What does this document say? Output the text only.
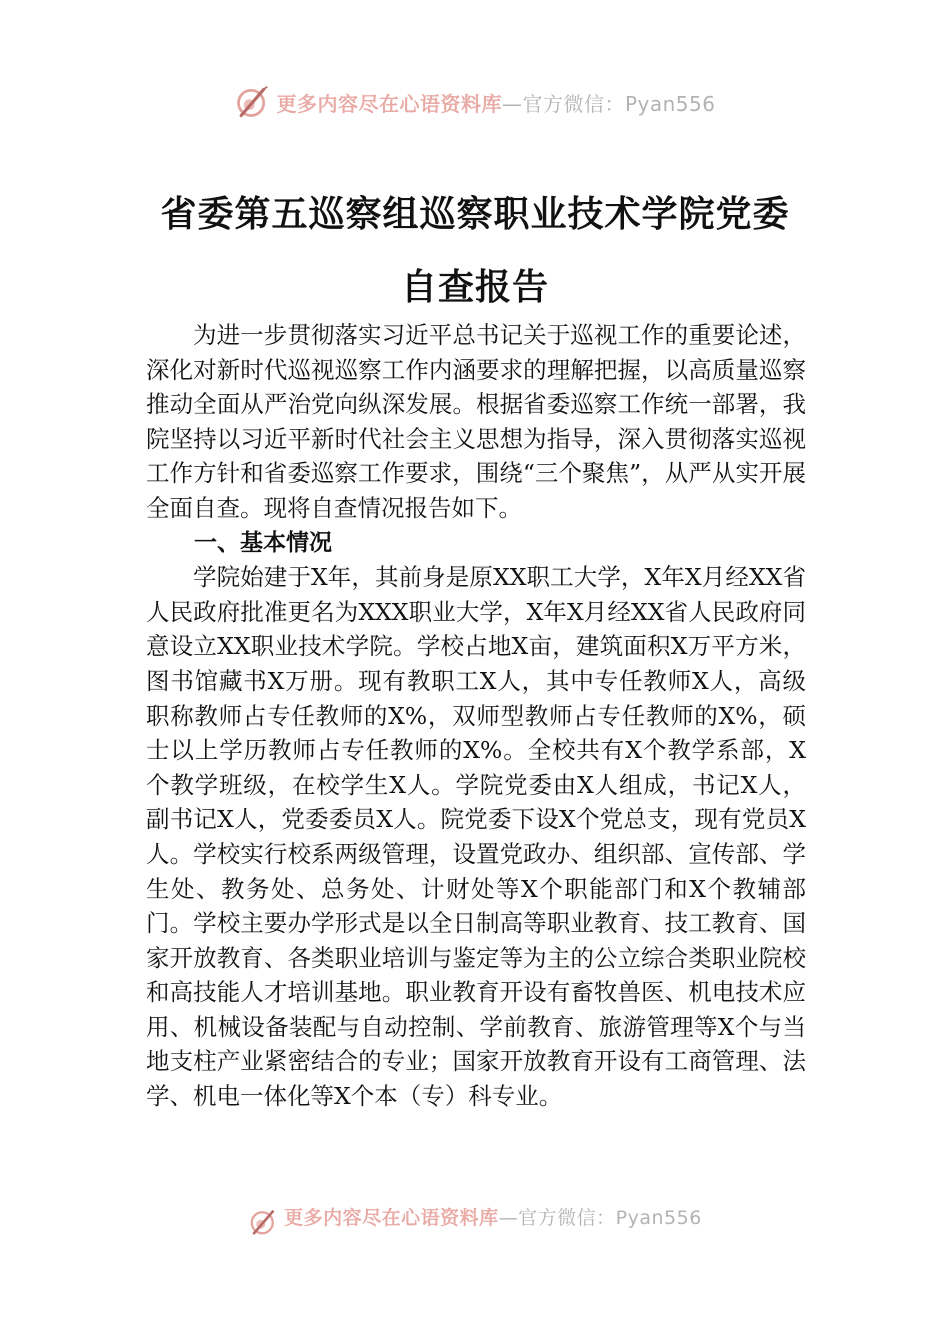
更多内容尽在心语资料库—官方微信：Pyan556
省委第五巡察组巡察职业技术学院党委自查报告

为进一步贯彻落实习近平总书记关于巡视工作的重要论述，深化对新时代巡视巡察工作内涵要求的理解把握，以高质量巡察推动全面从严治党向纵深发展。根据省委巡察工作统一部署，我院坚持以习近平新时代社会主义思想为指导，深入贯彻落实巡视工作方针和省委巡察工作要求，围绕“三个聚焦”，从严从实开展全面自查。现将自查情况报告如下。

一、基本情况

学院始建于X年，其前身是原XX职工大学，X年X月经XX省人民政府批准更名为XXX职业大学，X年X月经XX省人民政府同意设立XX职业技术学院。学校占地X亩，建筑面积X万平方米，图书馆藏书X万册。现有教职工X人，其中专任教师X人，高级职称教师占专任教师的X%，双师型教师占专任教师的X%，硕士以上学历教师占专任教师的X%。全校共有X个教学系部，X个教学班级，在校学生X人。学院党委由X人组成，书记X人，副书记X人，党委委员X人。院党委下设X个党总支，现有党员X人。学校实行校系两级管理，设置党政办、组织部、宣传部、学生处、教务处、总务处、计财处等X个职能部门和X个教辅部门。学校主要办学形式是以全日制高等职业教育、技工教育、国家开放教育、各类职业培训与鉴定等为主的公立综合类职业院校和高技能人才培训基地。职业教育开设有畜牧兽医、机电技术应用、机械设备装配与自动控制、学前教育、旅游管理等X个与当地支柱产业紧密结合的专业；国家开放教育开设有工商管理、法学、机电一体化等X个本（专）科专业。

更多内容尽在心语资料库—官方微信：Pyan556
